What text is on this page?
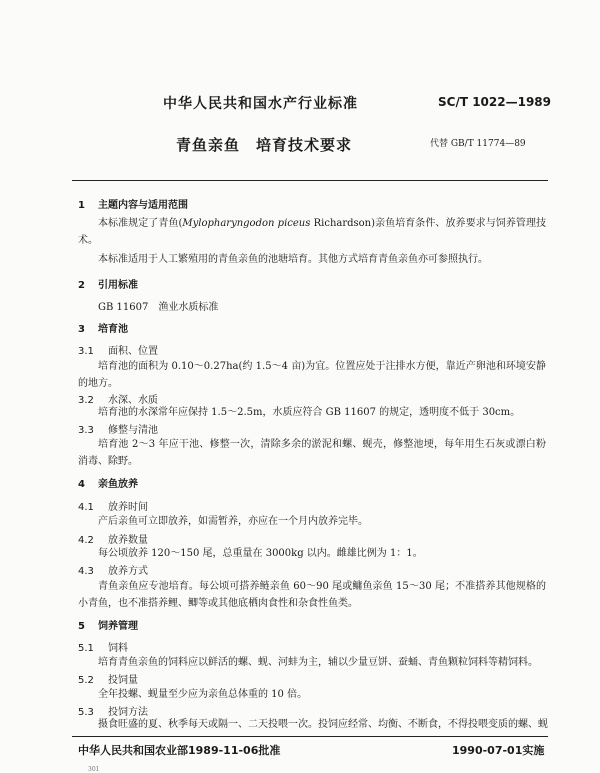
中华人民共和国水产行业标准	SC/T 1022—1989
青鱼亲鱼　培育技术要求	代替 GB/T 11774—89
1 主题内容与适用范围
本标准规定了青鱼(Mylopharyngodon piceus Richardson)亲鱼培育条件、放养要求与饲养管理技术。
本标准适用于人工繁殖用的青鱼亲鱼的池塘培育。其他方式培育青鱼亲鱼亦可参照执行。
2 引用标准
GB 11607　 渔业水质标准
3 培育池
3.1 面积、位置
培育池的面积为 0.10～0.27ha(约 1.5～4 亩)为宜。位置应处于注排水方便，靠近产卵池和环境安静的地方。
3.2 水深、水质
培育池的水深常年应保持 1.5～2.5m，水质应符合 GB 11607 的规定，透明度不低于 30cm。
3.3 修整与清池
培育池 2～3 年应干池、修整一次，清除多余的淤泥和螺、蚬壳，修整池埂，每年用生石灰或漂白粉消毒、除野。
4 亲鱼放养
4.1 放养时间
产后亲鱼可立即放养，如需暂养，亦应在一个月内放养完毕。
4.2 放养数量
每公顷放养 120～150 尾，总重量在 3000kg 以内。雌雄比例为 1：1。
4.3 放养方式
青鱼亲鱼应专池培育。每公顷可搭养鲢亲鱼 60～90 尾或鳙鱼亲鱼 15～30 尾；不准搭养其他规格的小青鱼，也不准搭养鲤、鲫等或其他底栖肉食性和杂食性鱼类。
5 饲养管理
5.1 饲料
培育青鱼亲鱼的饲料应以鲜活的螺、蚬、河蚌为主，辅以少量豆饼、蚕蛹、青鱼颗粒饲料等精饲料。
5.2 投饲量
全年投螺、蚬量至少应为亲鱼总体重的 10 倍。
5.3 投饲方法
摄食旺盛的夏、秋季每天或隔一、二天投喂一次。投饲应经常、均衡、不断食，不得投喂变质的螺、蚬
中华人民共和国农业部1989-11-06批准	1990-07-01实施
301
